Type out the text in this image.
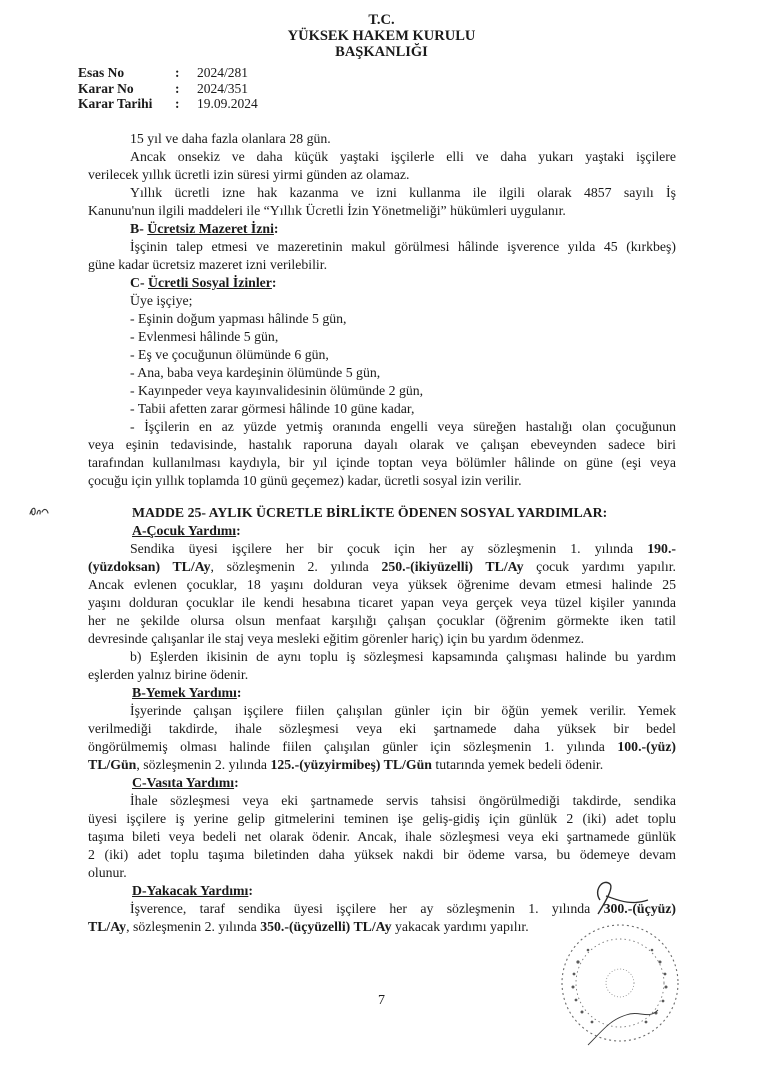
T.C.
YÜKSEK HAKEM KURULU
BAŞKANLIĞI
Esas No	:	2024/281
Karar No	:	2024/351
Karar Tarihi	:	19.09.2024
15 yıl ve daha fazla olanlara 28 gün.
Ancak onsekiz ve daha küçük yaştaki işçilerle elli ve daha yukarı yaştaki işçilere
verilecek yıllık ücretli izin süresi yirmi günden az olamaz.
Yıllık ücretli izne hak kazanma ve izni kullanma ile ilgili olarak 4857 sayılı İş
Kanunu'nun ilgili maddeleri ile “Yıllık Ücretli İzin Yönetmeliği” hükümleri uygulanır.
B- Ücretsiz Mazeret İzni:
İşçinin talep etmesi ve mazeretinin makul görülmesi hâlinde işverence yılda 45 (kırkbeş)
güne kadar ücretsiz mazeret izni verilebilir.
C- Ücretli Sosyal İzinler:
Üye işçiye;
- Eşinin doğum yapması hâlinde 5 gün,
- Evlenmesi hâlinde 5 gün,
- Eş ve çocuğunun ölümünde 6 gün,
- Ana, baba veya kardeşinin ölümünde 5 gün,
- Kayınpeder veya kayınvalidesinin ölümünde 2 gün,
- Tabii afetten zarar görmesi hâlinde 10 güne kadar,
- İşçilerin en az yüzde yetmiş oranında engelli veya süreğen hastalığı olan çocuğunun
veya eşinin tedavisinde, hastalık raporuna dayalı olarak ve çalışan ebeveynden sadece biri
tarafından kullanılması kaydıyla, bir yıl içinde toptan veya bölümler hâlinde on güne (eşi veya
çocuğu için yıllık toplamda 10 günü geçemez) kadar, ücretli sosyal izin verilir.
MADDE 25- AYLIK ÜCRETLE BİRLİKTE ÖDENEN SOSYAL YARDIMLAR:
A-Çocuk Yardımı:
Sendika üyesi işçilere her bir çocuk için her ay sözleşmenin 1. yılında 190.-
(yüzdoksan) TL/Ay, sözleşmenin 2. yılında 250.-(ikiyüzelli) TL/Ay çocuk yardımı yapılır.
Ancak evlenen çocuklar, 18 yaşını dolduran veya yüksek öğrenime devam etmesi halinde 25
yaşını dolduran çocuklar ile kendi hesabına ticaret yapan veya gerçek veya tüzel kişiler yanında
her ne şekilde olursa olsun menfaat karşılığı çalışan çocuklar (öğrenim görmekte iken tatil
devresinde çalışanlar ile staj veya mesleki eğitim görenler hariç) için bu yardım ödenmez.
b) Eşlerden ikisinin de aynı toplu iş sözleşmesi kapsamında çalışması halinde bu yardım
eşlerden yalnız birine ödenir.
B-Yemek Yardımı:
İşyerinde çalışan işçilere fiilen çalışılan günler için bir öğün yemek verilir. Yemek
verilmediği takdirde, ihale sözleşmesi veya eki şartnamede daha yüksek bir bedel
öngörülmemiş olması halinde fiilen çalışılan günler için sözleşmenin 1. yılında 100.-(yüz)
TL/Gün, sözleşmenin 2. yılında 125.-(yüzyirmibeş) TL/Gün tutarında yemek bedeli ödenir.
C-Vasıta Yardımı:
İhale sözleşmesi veya eki şartnamede servis tahsisi öngörülmediği takdirde, sendika
üyesi işçilere iş yerine gelip gitmelerini teminen işe geliş-gidiş için günlük 2 (iki) adet toplu
taşıma bileti veya bedeli net olarak ödenir. Ancak, ihale sözleşmesi veya eki şartnamede günlük
2 (iki) adet toplu taşıma biletinden daha yüksek nakdi bir ödeme varsa, bu ödemeye devam
olunur.
D-Yakacak Yardımı:
İşverence, taraf sendika üyesi işçilere her ay sözleşmenin 1. yılında 300.-(üçyüz)
TL/Ay, sözleşmenin 2. yılında 350.-(üçyüzelli) TL/Ay yakacak yardımı yapılır.
7
